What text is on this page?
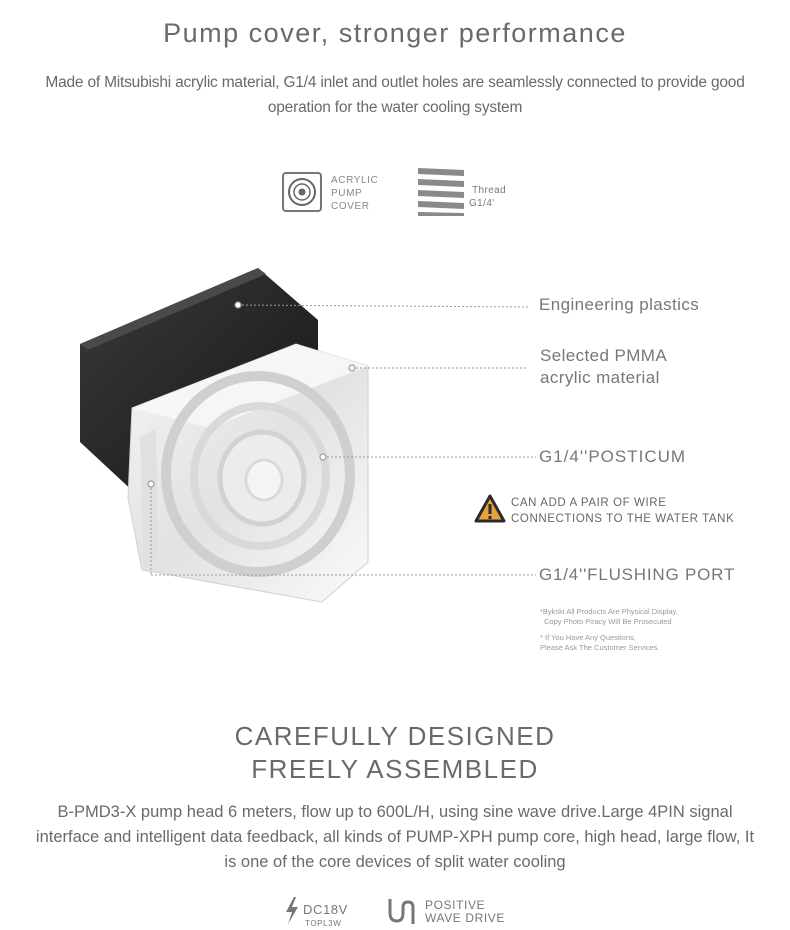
Pump cover, stronger performance
Made of Mitsubishi acrylic material, G1/4 inlet and outlet holes are seamlessly connected to provide good operation for the water cooling system
ACRYLIC
PUMP
COVER
Thread
G1/4'
Engineering plastics
Selected PMMA
acrylic material
G1/4''POSTICUM
CAN ADD A PAIR OF WIRE
CONNECTIONS TO THE WATER TANK
G1/4''FLUSHING PORT
*Bykski All Products Are Physical Display,
Copy Photo Piracy Will Be Prosecuted
* If You Have Any Questions,
Please Ask The Customer Services.
CAREFULLY DESIGNED
FREELY ASSEMBLED
B-PMD3-X pump head 6 meters, flow up to 600L/H, using sine wave drive.Large 4PIN signal interface and intelligent data feedback, all kinds of PUMP-XPH pump core, high head, large flow, It is one of the core devices of split water cooling
DC18V
TOPL3W
POSITIVE
WAVE DRIVE
